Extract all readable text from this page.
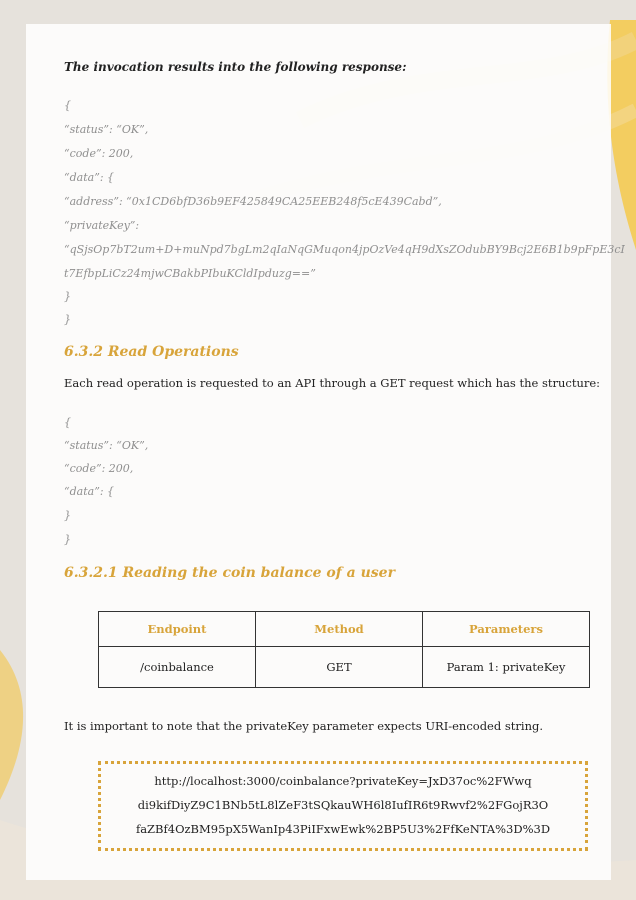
The invocation results into the following response:
{
“status”: “OK”,
“code”: 200,
“data”: {
“address”: “0x1CD6bfD36b9EF425849CA25EEB248f5cE439Cabd”,
“privateKey”:
“qSjsOp7bT2um+D+muNpd7bgLm2qIaNqGMuqon4jpOzVe4qH9dXsZOdubBY9Bcj2E6B1b9pFpE3cI
t7EfbpLiCz24mjwCBakbPIbuKCldIpduzg==”
}
}
6.3.2 Read Operations
Each read operation is requested to an API through a GET request which has the structure:
{
“status”: “OK”,
“code”: 200,
“data”: {
}
}
6.3.2.1 Reading the coin balance of a user
Endpoint	Method	Parameters
/coinbalance	GET	Param 1: privateKey
It is important to note that the privateKey parameter expects URI-encoded string.
http://localhost:3000/coinbalance?privateKey=JxD37oc%2FWwq
di9kifDiyZ9C1BNb5tL8lZeF3tSQkauWH6l8IufIR6t9Rwvf2%2FGojR3O
faZBf4OzBM95pX5WanIp43PiIFxwEwk%2BP5U3%2FfKeNTA%3D%3D
